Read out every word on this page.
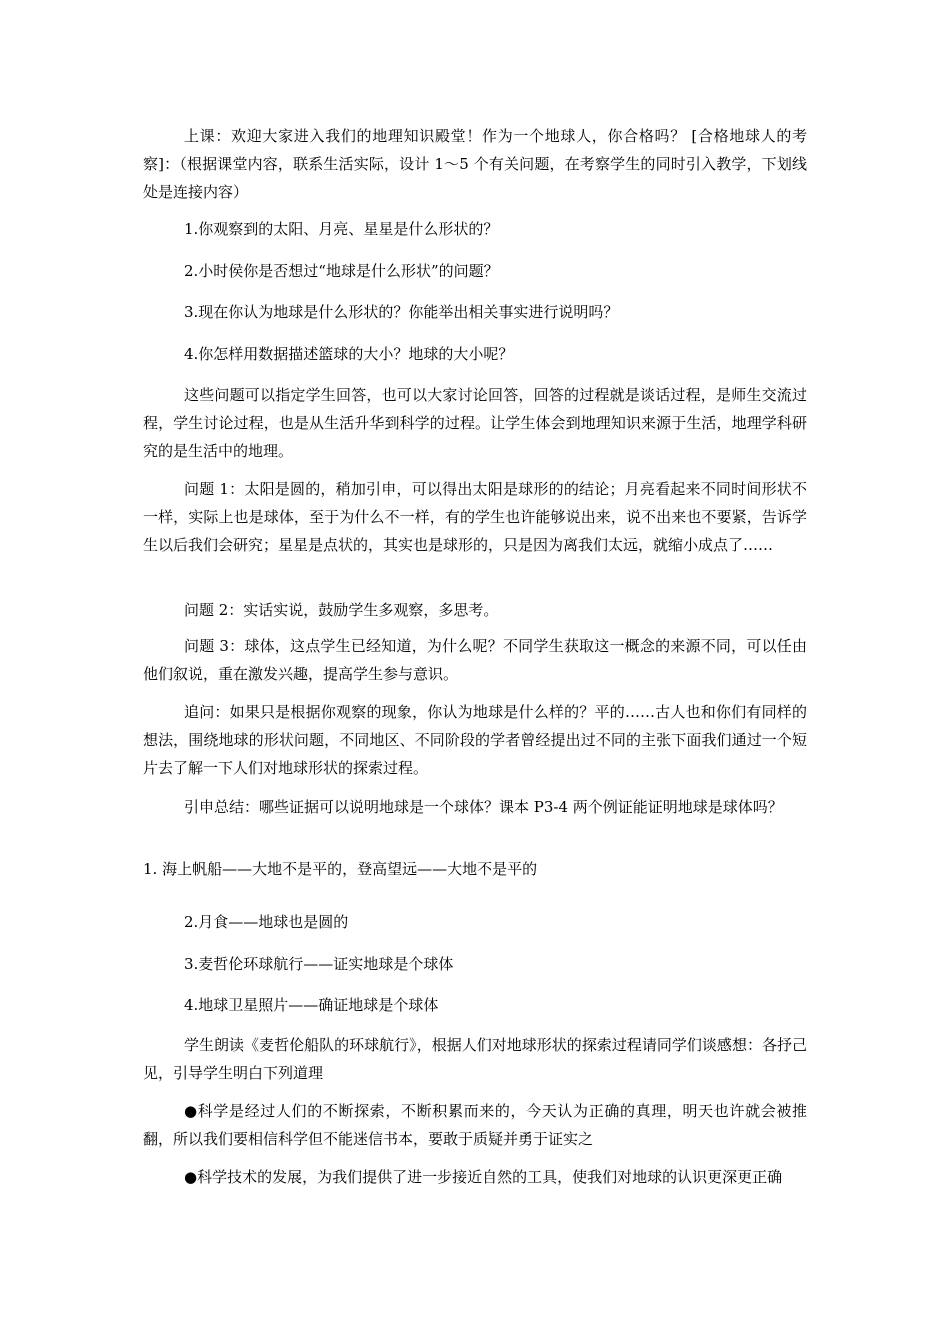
上课：欢迎大家进入我们的地理知识殿堂！作为一个地球人，你合格吗？ [合格地球人的考察]：（根据课堂内容，联系生活实际，设计 1～5 个有关问题，在考察学生的同时引入教学，下划线处是连接内容）

1.你观察到的太阳、月亮、星星是什么形状的？

2.小时侯你是否想过“地球是什么形状”的问题？

3.现在你认为地球是什么形状的？你能举出相关事实进行说明吗？

4.你怎样用数据描述篮球的大小？地球的大小呢？

这些问题可以指定学生回答，也可以大家讨论回答，回答的过程就是谈话过程，是师生交流过程，学生讨论过程，也是从生活升华到科学的过程。让学生体会到地理知识来源于生活，地理学科研究的是生活中的地理。

问题 1：太阳是圆的，稍加引申，可以得出太阳是球形的的结论；月亮看起来不同时间形状不一样，实际上也是球体，至于为什么不一样，有的学生也许能够说出来，说不出来也不要紧，告诉学生以后我们会研究；星星是点状的，其实也是球形的，只是因为离我们太远，就缩小成点了……

问题 2：实话实说，鼓励学生多观察，多思考。

问题 3：球体，这点学生已经知道，为什么呢？不同学生获取这一概念的来源不同，可以任由他们叙说，重在激发兴趣，提高学生参与意识。

追问：如果只是根据你观察的现象，你认为地球是什么样的？平的……古人也和你们有同样的想法，围绕地球的形状问题，不同地区、不同阶段的学者曾经提出过不同的主张下面我们通过一个短片去了解一下人们对地球形状的探索过程。

引申总结：哪些证据可以说明地球是一个球体？课本 P3-4 两个例证能证明地球是球体吗？

1. 海上帆船——大地不是平的，登高望远——大地不是平的

2.月食——地球也是圆的

3.麦哲伦环球航行——证实地球是个球体

4.地球卫星照片——确证地球是个球体

学生朗读《麦哲伦船队的环球航行》，根据人们对地球形状的探索过程请同学们谈感想：各抒己见，引导学生明白下列道理

●科学是经过人们的不断探索，不断积累而来的，今天认为正确的真理，明天也许就会被推翻，所以我们要相信科学但不能迷信书本，要敢于质疑并勇于证实之

●科学技术的发展，为我们提供了进一步接近自然的工具，使我们对地球的认识更深更正确
